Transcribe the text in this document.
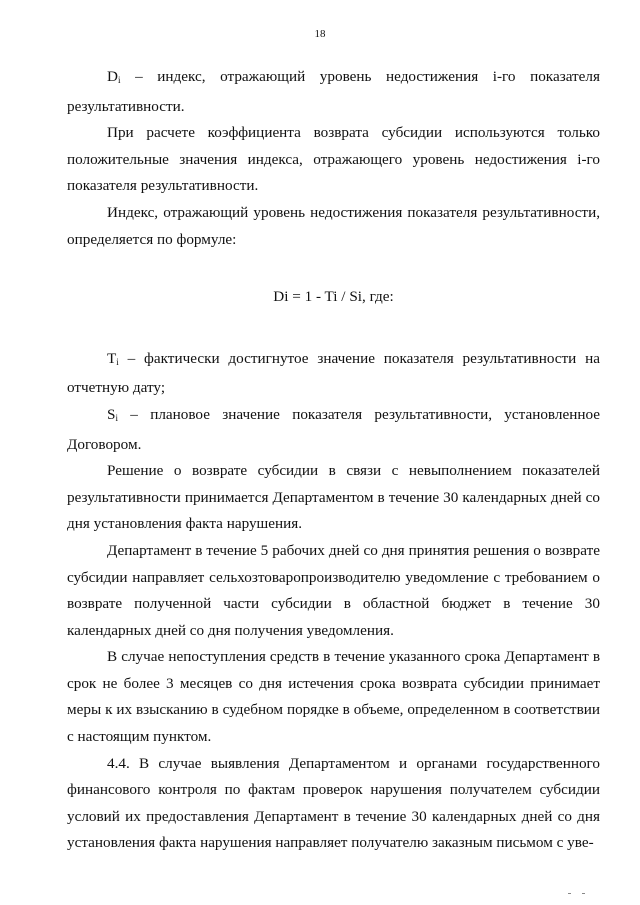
18

$D_i$ – индекс, отражающий уровень недостижения i-го показателя результативности.

При расчете коэффициента возврата субсидии используются только положительные значения индекса, отражающего уровень недостижения i-го показателя результативности.

Индекс, отражающий уровень недостижения показателя результативности, определяется по формуле:

Di = 1 - Ti / Si, где:

$T_i$ – фактически достигнутое значение показателя результативности на отчетную дату;

$S_i$ – плановое значение показателя результативности, установленное Договором.

Решение о возврате субсидии в связи с невыполнением показателей результативности принимается Департаментом в течение 30 календарных дней со дня установления факта нарушения.

Департамент в течение 5 рабочих дней со дня принятия решения о возврате субсидии направляет сельхозтоваропроизводителю уведомление с требованием о возврате полученной части субсидии в областной бюджет в течение 30 календарных дней со дня получения уведомления.

В случае непоступления средств в течение указанного срока Департамент в срок не более 3 месяцев со дня истечения срока возврата субсидии принимает меры к их взысканию в судебном порядке в объеме, определенном в соответствии с настоящим пунктом.

4.4. В случае выявления Департаментом и органами государственного финансового контроля по фактам проверок нарушения получателем субсидии условий их предоставления Департамент в течение 30 календарных дней со дня установления факта нарушения направляет получателю заказным письмом с уве-
